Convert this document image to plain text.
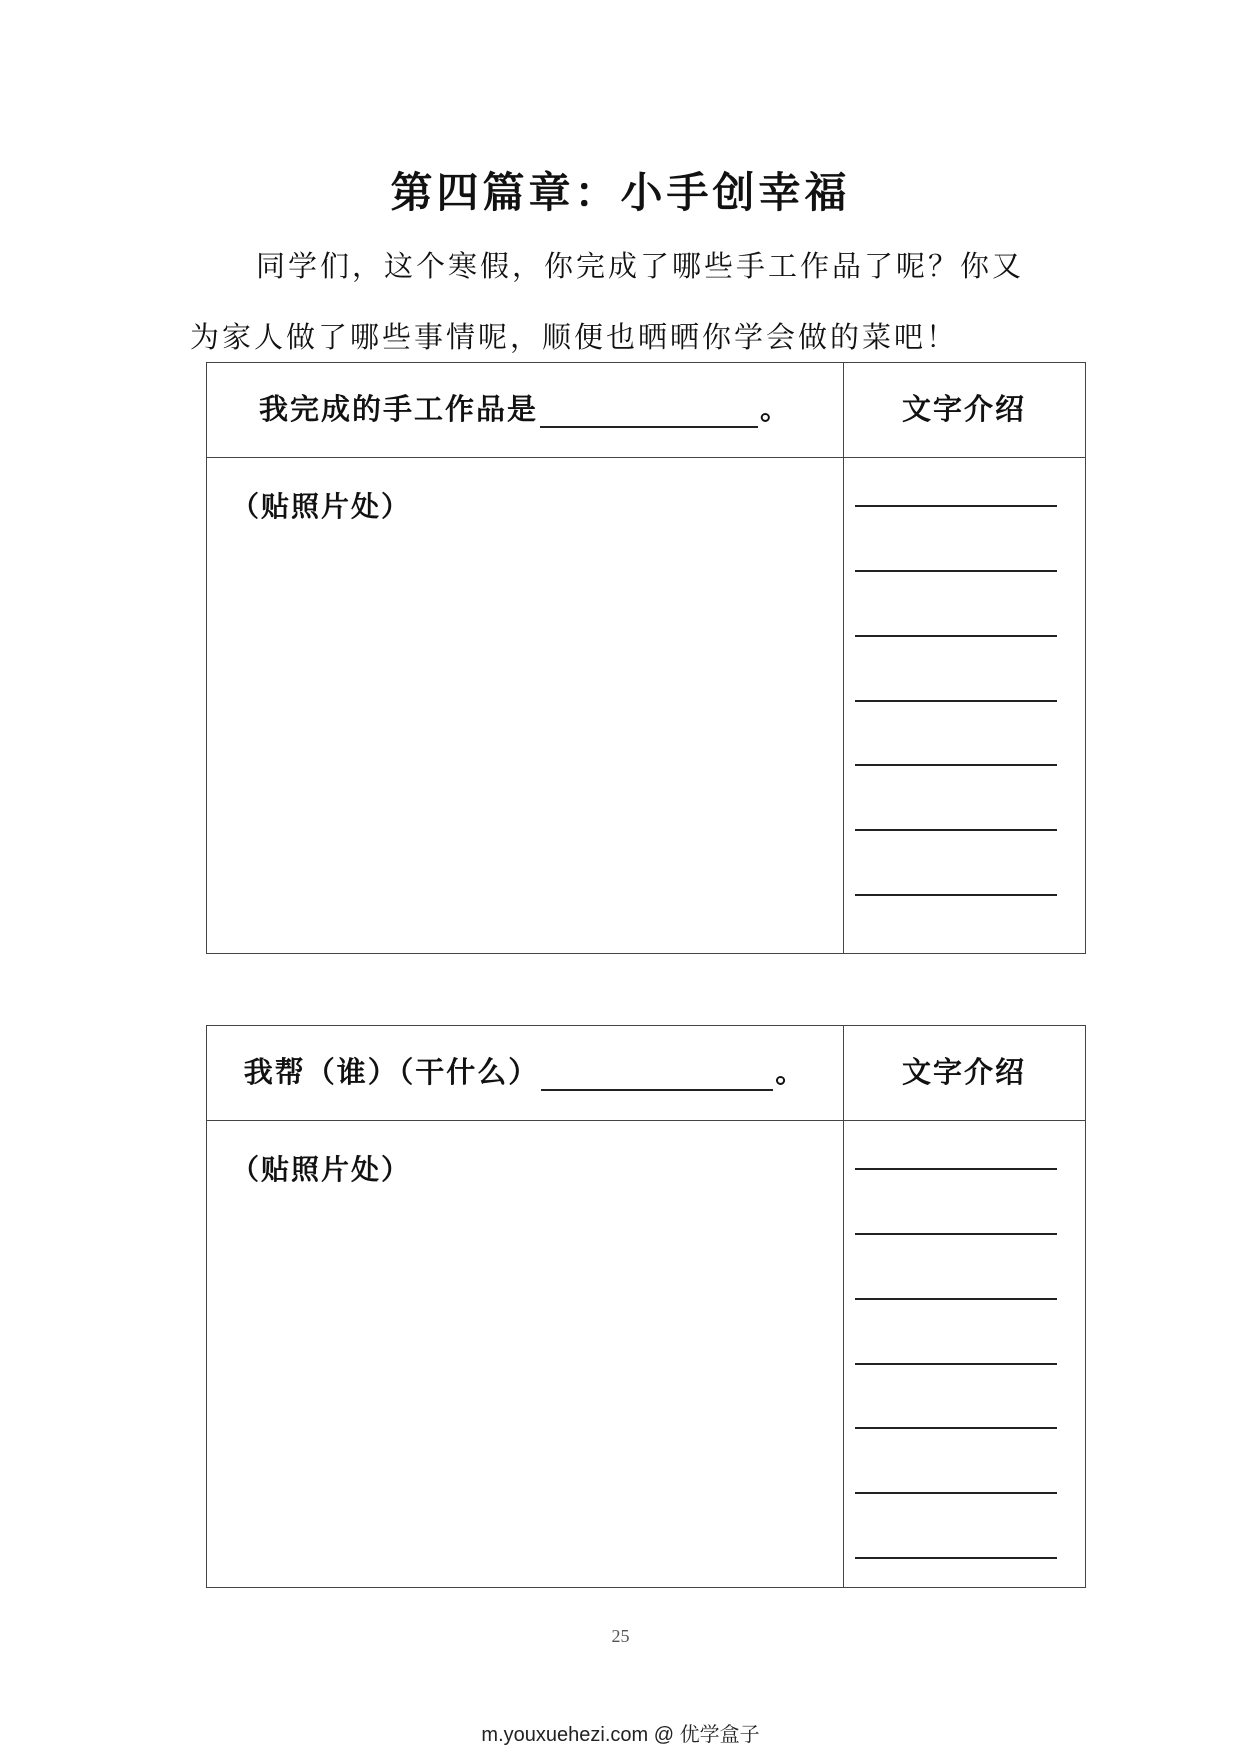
第四篇章：小手创幸福
同学们，这个寒假，你完成了哪些手工作品了呢？你又
为家人做了哪些事情呢，顺便也晒晒你学会做的菜吧！
我完成的手工作品是	。	文字介绍
（贴照片处）
我帮（谁）（干什么）	。	文字介绍
（贴照片处）
25
m.youxuehezi.com @ 优学盒子
